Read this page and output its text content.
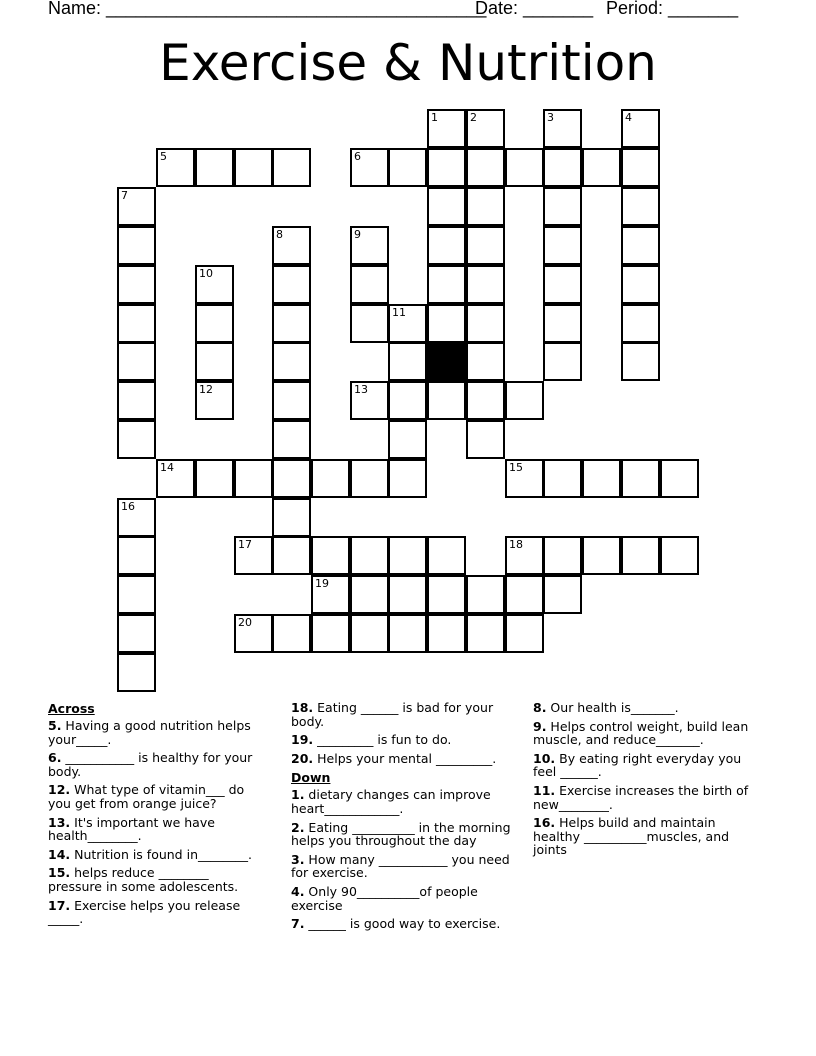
Name: ______________________________________
Date: _______ Period: _______
Exercise & Nutrition
1	2	3	4
5	6
7
8	9
10
11
12	13
14	15
16
17	18
19
20
Across
5. Having a good nutrition helps your_____.
6. ___________ is healthy for your body.
12. What type of vitamin___ do you get from orange juice?
13. It's important we have health________.
14. Nutrition is found in________.
15. helps reduce ________ pressure in some adolescents.
17. Exercise helps you release _____.
18. Eating ______ is bad for your body.
19. _________ is fun to do.
20. Helps your mental _________.
Down
1. dietary changes can improve heart____________.
2. Eating __________ in the morning helps you throughout the day
3. How many ___________ you need for exercise.
4. Only 90__________of people exercise
7. ______ is good way to exercise.
8. Our health is_______.
9. Helps control weight, build lean muscle, and reduce_______.
10. By eating right everyday you feel ______.
11. Exercise increases the birth of new________.
16. Helps build and maintain healthy __________muscles, and joints
